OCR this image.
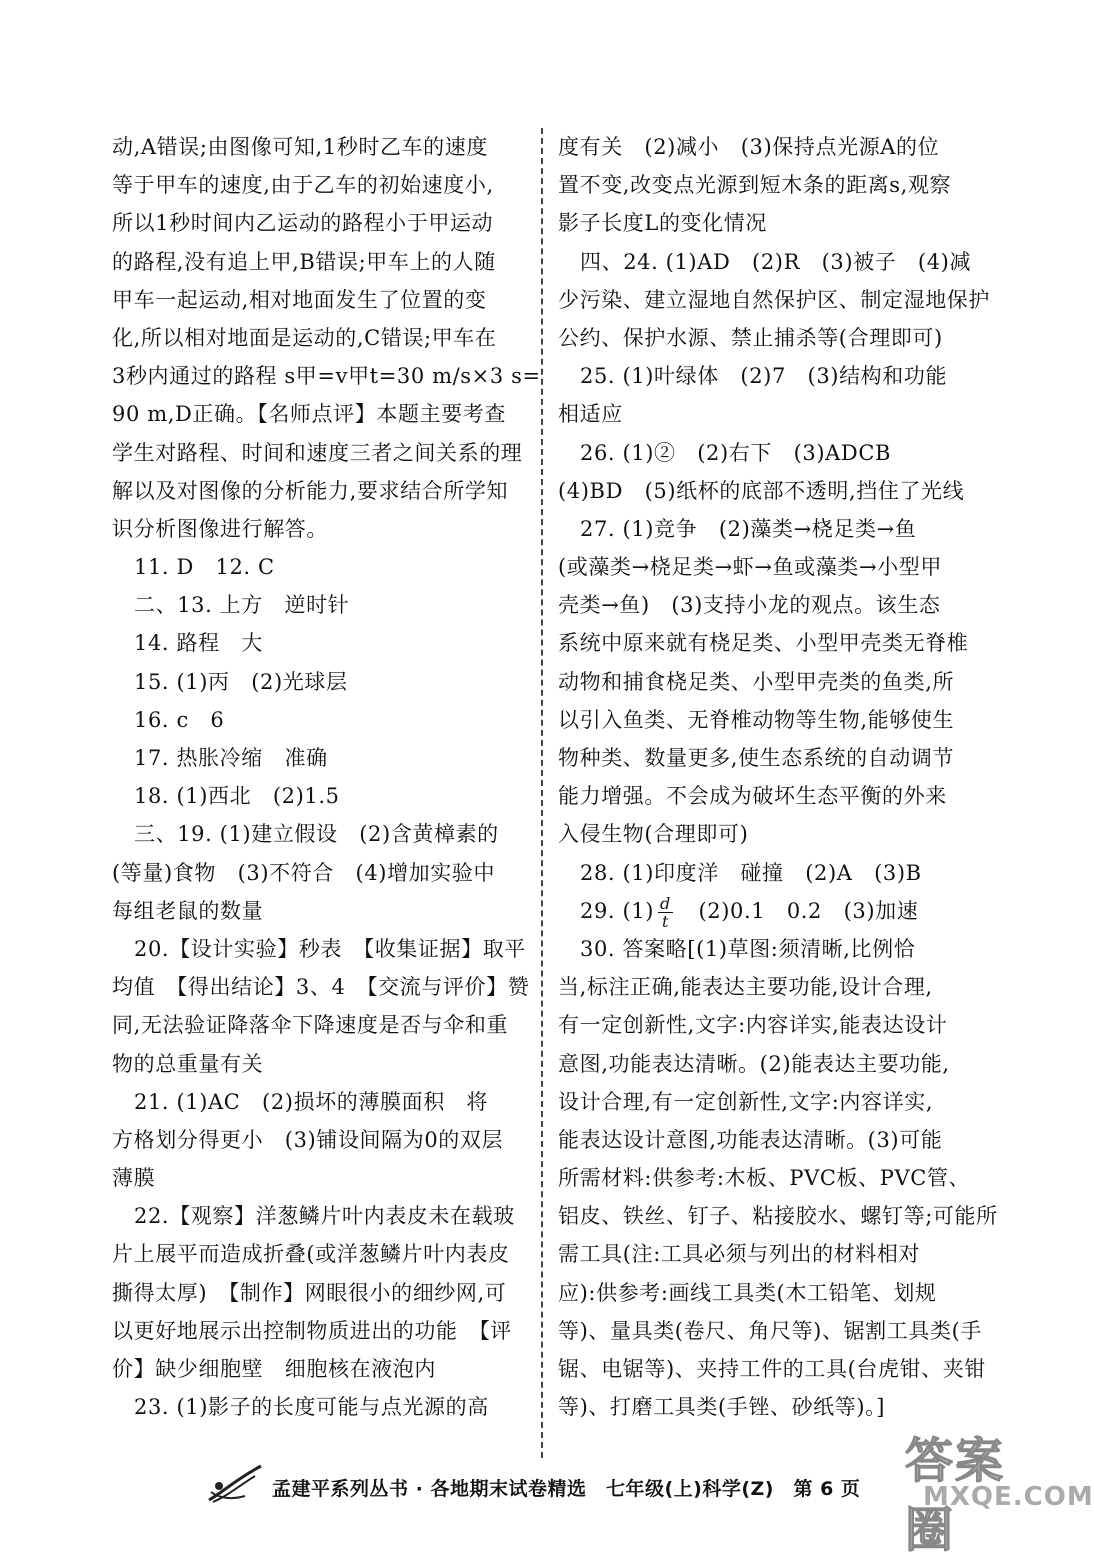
动,A错误;由图像可知,1秒时乙车的速度
等于甲车的速度,由于乙车的初始速度小,
所以1秒时间内乙运动的路程小于甲运动
的路程,没有追上甲,B错误;甲车上的人随
甲车一起运动,相对地面发生了位置的变
化,所以相对地面是运动的,C错误;甲车在
3秒内通过的路程 s甲=v甲t=30 m/s×3 s=
90 m,D正确。【名师点评】本题主要考查
学生对路程、时间和速度三者之间关系的理
解以及对图像的分析能力,要求结合所学知
识分析图像进行解答。
11. D　12. C
二、13. 上方　逆时针
14. 路程　大
15. (1)丙　(2)光球层
16. c　6
17. 热胀冷缩　准确
18. (1)西北　(2)1.5
三、19. (1)建立假设　(2)含黄樟素的
(等量)食物　(3)不符合　(4)增加实验中
每组老鼠的数量
20.【设计实验】秒表　【收集证据】取平
均值　【得出结论】3、4　【交流与评价】赞
同,无法验证降落伞下降速度是否与伞和重
物的总重量有关
21. (1)AC　(2)损坏的薄膜面积　将
方格划分得更小　(3)铺设间隔为0的双层
薄膜
22.【观察】洋葱鳞片叶内表皮未在载玻
片上展平而造成折叠(或洋葱鳞片叶内表皮
撕得太厚)　【制作】网眼很小的细纱网,可
以更好地展示出控制物质进出的功能　【评
价】缺少细胞壁　细胞核在液泡内
23. (1)影子的长度可能与点光源的高
度有关　(2)减小　(3)保持点光源A的位
置不变,改变点光源到短木条的距离s,观察
影子长度L的变化情况
四、24. (1)AD　(2)R　(3)被子　(4)减
少污染、建立湿地自然保护区、制定湿地保护
公约、保护水源、禁止捕杀等(合理即可)
25. (1)叶绿体　(2)7　(3)结构和功能
相适应
26. (1)②　(2)右下　(3)ADCB
(4)BD　(5)纸杯的底部不透明,挡住了光线
27. (1)竞争　(2)藻类→桡足类→鱼
(或藻类→桡足类→虾→鱼或藻类→小型甲
壳类→鱼)　(3)支持小龙的观点。该生态
系统中原来就有桡足类、小型甲壳类无脊椎
动物和捕食桡足类、小型甲壳类的鱼类,所
以引入鱼类、无脊椎动物等生物,能够使生
物种类、数量更多,使生态系统的自动调节
能力增强。不会成为破坏生态平衡的外来
入侵生物(合理即可)
28. (1)印度洋　碰撞　(2)A　(3)B
29. $(1) \frac{d}{t}$ 　(2)0.1　0.2　(3)加速
30. 答案略[(1)草图:须清晰,比例恰
当,标注正确,能表达主要功能,设计合理,
有一定创新性,文字:内容详实,能表达设计
意图,功能表达清晰。(2)能表达主要功能,
设计合理,有一定创新性,文字:内容详实,
能表达设计意图,功能表达清晰。(3)可能
所需材料:供参考:木板、PVC板、PVC管、
铝皮、铁丝、钉子、粘接胶水、螺钉等;可能所
需工具(注:工具必须与列出的材料相对
应):供参考:画线工具类(木工铅笔、划规
等)、量具类(卷尺、角尺等)、锯割工具类(手
锯、电锯等)、夹持工件的工具(台虎钳、夹钳
等)、打磨工具类(手锉、砂纸等)。]
孟建平系列丛书 · 各地期末试卷精选　七年级(上)科学(Z)　第 6 页 答案圈
MXQE.COM
